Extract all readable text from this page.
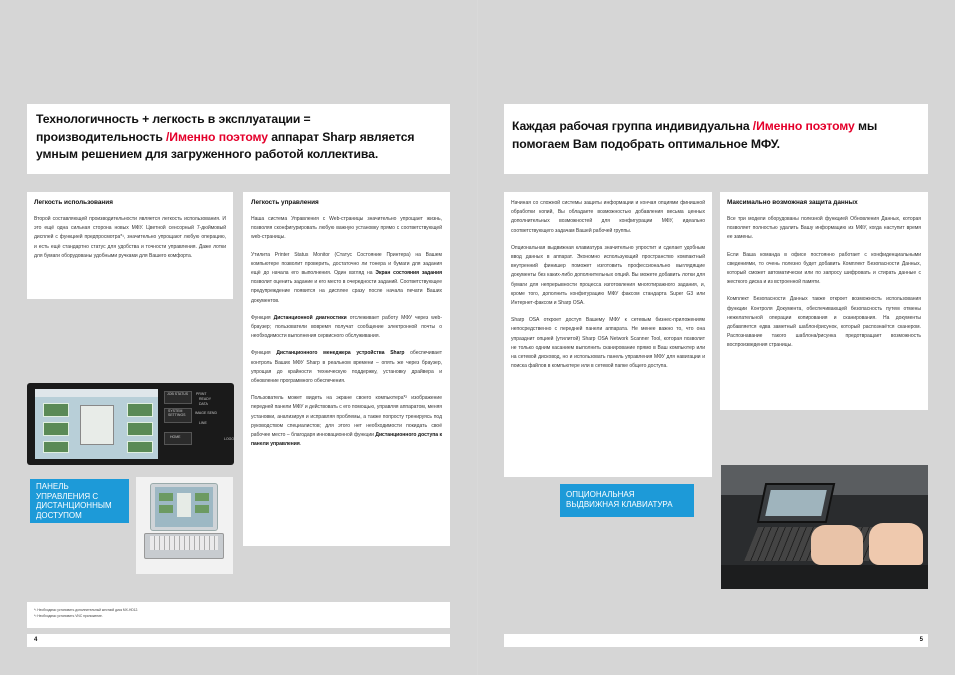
Технологичность + легкость в эксплуатации =
производительность /Именно поэтому аппарат Sharp является
умным решением для загруженного работой коллектива.
Легкость использования

Второй составляющей производительности является легкость использования. И это ещё одна сильная сторона новых МФУ. Цветной сенсорный 7-дюймовый дисплей с функцией предпросмотра*¹, значительно упрощают любую операцию, и есть ещё стандартно статус для удобства и точности управления. Даже лотки для бумаги оборудованы удобными ручками для Вашего комфорта.

Легкость управления

Наша система Управления с Web-страницы значительно упрощает жизнь, позволяя сконфигурировать любую важную установку прямо с соответствующей web-страницы.

Утилита Printer Status Monitor (Статус Состояние Принтера) на Вашем компьютере позволит проверить, достаточно ли тонера и бумаги для задания ещё до начала его выполнения. Один взгляд на Экран состояния задания позволит оценить задание и его место в очередности заданий. Соответствующее предупреждение появится на дисплее сразу после начала печати Ваших документов.

Функция Дистанционной диагностики отслеживает работу МФУ через web-браузер; пользователи вовремя получат сообщение электронной почты о необходимости выполнения сервисного обслуживания.

Функция Дистанционного менеджера устройства Sharp обеспечивает контроль Ваших МФУ Sharp в реальном времени – опять же через браузер, упрощая до крайности техническую поддержку, установку драйвера и обновление программного обеспечения.

Пользователь может видеть на экране своего компьютера*² изображение передней панели МФУ и действовать с его помощью, управляя аппаратом, меняя установки, анализируя и исправляя проблемы, а также попросту тренируясь под руководством специалистов; для этого нет необходимости покидать своё рабочее место – благодаря инновационной функции Дистанционного доступа к панели управления.

JOB STATUS PRINT
READY
DATA
SYSTEM SETTINGS	IMAGE SEND
LINE
HOME	LOGO
ПАНЕЛЬ УПРАВЛЕНИЯ С ДИСТАНЦИОННЫМ ДОСТУПОМ
*¹ Необходимо установить дополнительный жесткий диск MX-HD12.
*² Необходимо установить VNC приложение.
4
Каждая рабочая группа индивидуальна /Именно поэтому мы
помогаем Вам подобрать оптимальное МФУ.

Начиная со сложной системы защиты информации и кончая опциями финишной обработки копий, Вы обладаете возможностью добавления весьма ценных дополнительных возможностей для конфигурации МФУ, идеально соответствующего задачам Вашей рабочей группы.

Опциональная выдвижная клавиатура значительно упростит и сделает удобным ввод данных в аппарат. Экономно использующий пространство компактный внутренний финишер поможет изготовить профессионально выглядящие документы без каких-либо дополнительных опций. Вы можете добавить лотки для бумаги для непрерывности процесса изготовления многотиражного задания, и, кроме того, дополнить конфигурацию МФУ факсом стандарта Super G3 или Интернет-факсом и Sharp OSA.

Sharp OSA откроет доступ Вашему МФУ к сетевым бизнес-приложениям непосредственно с передней панели аппарата. Не менее важно то, что она упразднит опцией (утилитой) Sharp OSA Network Scanner Tool, которая позволит не только одним касанием выполнить сканирование прямо в Ваш компьютер или на сетевой дисковод, но и использовать панель управления МФУ для навигации и поиска файлов в компьютере или в сетевой папке общего доступа.

Максимально возможная защита данных

Все три модели оборудованы полезной функцией Обновления Данных, которая позволяет полностью удалить Вашу информацию из МФУ, когда наступит время ее замены.

Если Ваша команда в офисе постоянно работает с конфиденциальными сведениями, то очень полезно будет добавить Комплект Безопасности Данных, который сможет автоматически или по запросу шифровать и стирать данные с жесткого диска и из встроенной памяти.

Комплект Безопасности Данных также откроет возможность использования функции Контроля Документа, обеспечивающей безопасность путем отмены нежелательной операции копирования и сканирования. На документы добавляется едва заметный шаблон/рисунок, который распознаётся сканером. Распознавание такого шаблона/рисунка предотвращает возможность воспроизведения страницы.

ОПЦИОНАЛЬНАЯ ВЫДВИЖНАЯ КЛАВИАТУРА
5
